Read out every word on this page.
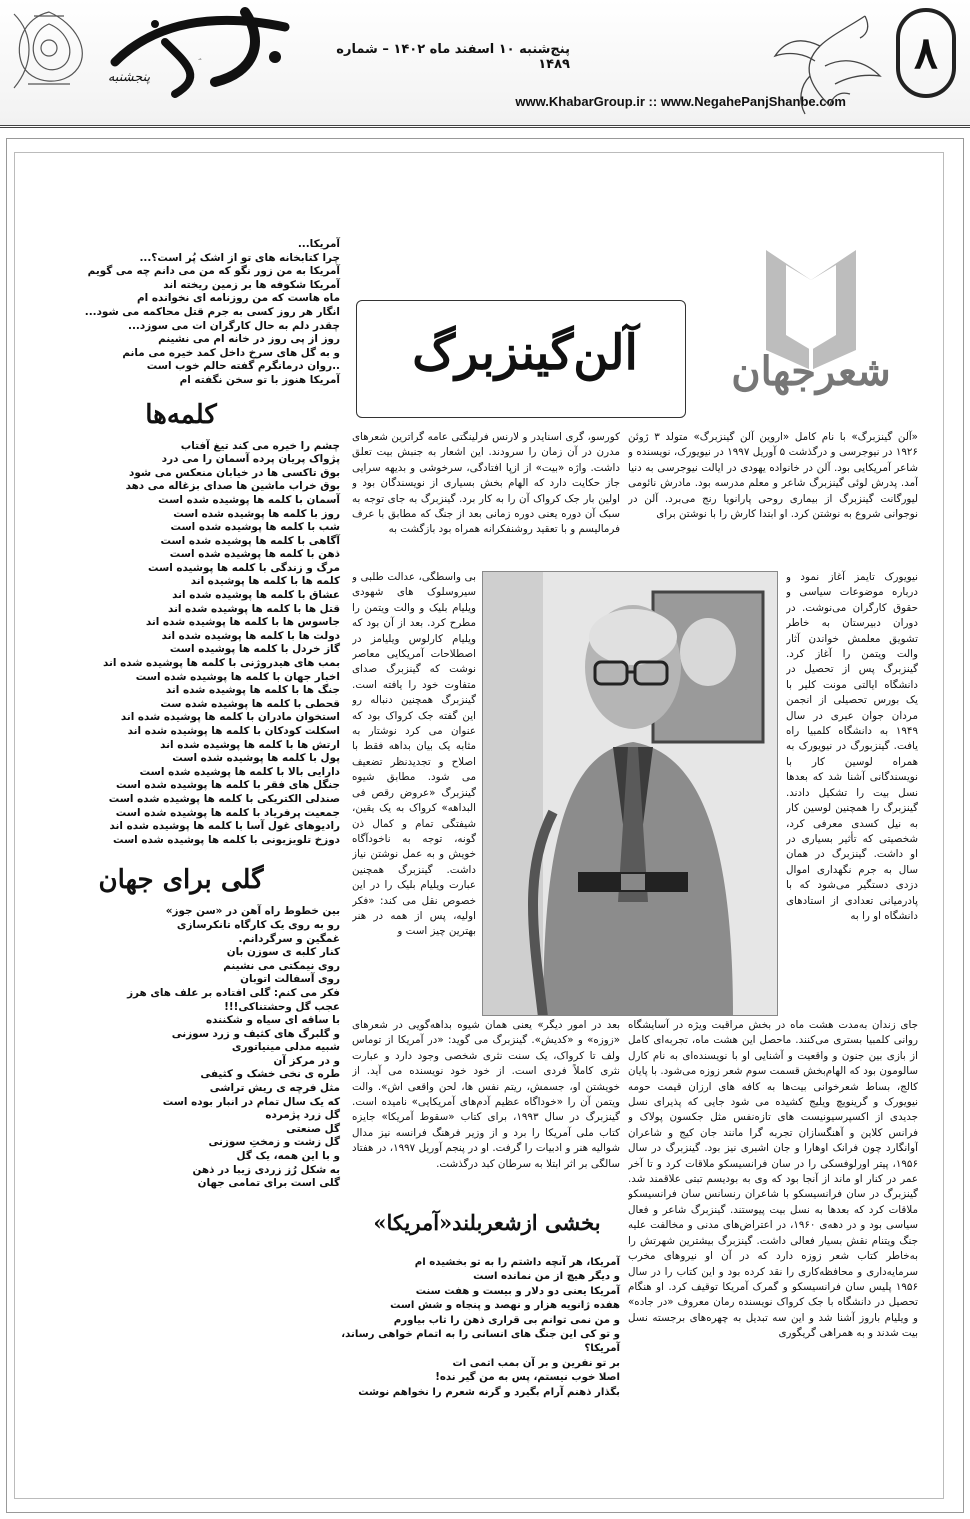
نگاه
پنجشنبه
پنج‌شنبه ۱۰ اسفند ماه ۱۴۰۲ – شماره ۱۴۸۹
www.KhabarGroup.ir :: www.NegahePanjShanbe.com
۸
آمریکا...
چرا کتابخانه های تو از اشک پُر است؟...
آمریکا به من زور نگو که من می دانم چه می گویم
آمریکا شکوفه ها بر زمین ریخته اند
ماه هاست که من روزنامه ای نخوانده ام
انگار هر روز کسی به جرم قتل محاکمه می شود...
چقدر دلم به حال کارگران ات می سوزد...
روز از پی روز در خانه ام می نشینم
و به گل های سرخ داخل کمد خیره می مانم
..روان درمانگرم گفته حالم خوب است
آمریکا هنوز با تو سخن نگفته ام
کلمه‌ها
چشم را خیره می کند تیغ آفتاب
پژواک پریان پرده آسمان را می درد
بوق تاکسی ها در خیابان منعکس می شود
بوق خراب ماشین ها صدای بزغاله می دهد
آسمان با کلمه ها پوشیده شده است
روز با کلمه ها پوشیده شده است
شب با کلمه ها پوشیده شده است
آگاهی با کلمه ها پوشیده شده است
ذهن با کلمه ها پوشیده شده است
مرگ و زندگی با کلمه ها پوشیده است
کلمه ها با کلمه ها پوشیده اند
عشاق با کلمه ها پوشیده شده اند
قتل ها با کلمه ها پوشیده شده اند
جاسوس ها با کلمه ها پوشیده شده اند
دولت ها با کلمه ها پوشیده شده اند
گاز خردل با کلمه ها پوشیده است
بمب های هیدروژنی با کلمه ها پوشیده شده اند
اخبار جهان با کلمه ها پوشیده شده است
جنگ ها با کلمه ها پوشیده شده اند
قحطی با کلمه ها پوشیده شده ست
استخوان مادران با کلمه ها پوشیده شده اند
اسکلت کودکان با کلمه ها پوشیده شده اند
ارتش ها با کلمه ها پوشیده شده اند
پول با کلمه ها پوشیده شده است
دارایی بالا با کلمه ها پوشیده شده است
جنگل های فقر با کلمه ها پوشیده شده است
صندلی الکتریکی با کلمه ها پوشیده شده است
جمعیت پرفریاد با کلمه ها پوشیده شده است
رادیوهای غول آسا با کلمه ها پوشیده شده اند
دوزخ تلویزیونی با کلمه ها پوشیده شده است
گلی برای جهان
بین خطوط راه آهن در «سن جوز»
رو به روی یک کارگاه تانکرسازی
غمگین و سرگردانم.
کنار کلبه ی سوزن بان
روی نیمکتی می نشینم
روی آسفالت اتوبان
فکر می کنم: گلی افتاده بر علف های هرز
عجب گل وحشتناکی!!!
با ساقه ای سیاه و شکننده
و گلبرگ های کثیف و زرد سوزنی
شبیه مدلی مینیاتوری
و در مرکز آن
طره ی نخی خشک و کثیفی
مثل فرچه ی ریش تراشی
که یک سال تمام در انبار بوده است
گل زرد پژمرده
گل صنعتی
گل زشت و زمختِ سوزنی
و با این همه، یک گل
به شکل رُز زردی زیبا در ذهن
گلی است برای تمامی جهان
شعرجهان
آلن‌گینزبرگ
«آلن گینزبرگ» با نام کامل «اروین آلن گینزبرگ» متولد ۳ ژوئن ۱۹۲۶ در نیوجرسی و درگذشت ۵ آوریل ۱۹۹۷ در نیویورک، نویسنده و شاعر آمریکایی بود. آلن در خانواده یهودی در ایالت نیوجرسی به دنیا آمد. پدرش لوئی گینزبرگ شاعر و معلم مدرسه بود. مادرش نائومی لیورگانت گینزبرگ از بیماری روحی پارانویا رنج می‌برد. آلن در نوجوانی شروع به نوشتن کرد. او ابتدا کارش را با نوشتن برای
نیویورک تایمز آغاز نمود و درباره موضوعات سیاسی و حقوق کارگران می‌نوشت. در دوران دبیرستان به خاطر تشویق معلمش خواندن آثار والت ویتمن را آغاز کرد. گینزبرگ پس از تحصیل در دانشگاه ایالتی مونت کلیر با یک بورس تحصیلی از انجمن مردان جوان عبری در سال ۱۹۴۹ به دانشگاه کلمبیا راه یافت. گینزبورگ در نیویورک به همراه لوسین کار با نویسندگانی آشنا شد که بعدها نسل بیت را تشکیل دادند. گینزبرگ را همچنین لوسین کار به نیل کسدی معرفی کرد، شخصیتی که تأثیر بسیاری در او داشت. گینزبرگ در همان سال به جرم نگهداری اموال دزدی دستگیر می‌شود که با پادرمیانی تعدادی از استادهای دانشگاه او را به
جای زندان به‌مدت هشت ماه در بخش مراقبت ویژه در آسایشگاه روانی کلمبیا بستری می‌کنند. ماحصل این هشت ماه، تجربه‌ای کامل از بازی بین جنون و واقعیت و آشنایی او با نویسنده‌ای به نام کارل سالومون بود که الهام‌بخش قسمت سوم شعر زوزه می‌شود. با پایان کالج، بساط شعرخوانی بیت‌ها به کافه های ارزان قیمت حومه نیویورک و گرینویچ ویلیج کشیده می شود جایی که پذیرای نسل جدیدی از اکسپرسیونیست های تازه‌نفس مثل جکسون پولاک و فرانس کلاین و آهنگسازان تجربه گرا مانند جان کیج و شاعران آوانگارد چون فرانک اوهارا و جان اشبری نیز بود. گینزبرگ در سال ۱۹۵۶، پیتر اورلوفسکی را در سان فرانسیسکو ملاقات کرد و تا آخر عمر در کنار او ماند از آنجا بود که وی به بودیسم تبتی علاقمند شد. گینزبرگ در سان فرانسیسکو با شاعران رنسانس سان فرانسیسکو ملاقات کرد که بعدها به نسل بیت پیوستند. گینزبرگ شاعر و فعال سیاسی بود و در دهه‌ی ۱۹۶۰، در اعتراض‌های مدنی و مخالفت علیه جنگ ویتنام نقش بسیار فعالی داشت. گینزبرگ بیشترین شهرتش را به‌خاطر کتاب شعر زوزه دارد که در آن او نیروهای مخرب سرمایه‌داری و محافظه‌کاری را نقد کرده بود و این کتاب را در سال ۱۹۵۶ پلیس سان فرانسیسکو و گمرک آمریکا توقیف کرد. او هنگام تحصیل در دانشگاه با جک کرواک نویسنده رمان معروف «در جاده» و ویلیام باروز آشنا شد و این سه تبدیل به چهره‌های برجسته نسل بیت شدند و به همراهی گریگوری
کورسو، گری اسنایدر و لارنس فرلینگتی عامه گراترین شعرهای مدرن در آن زمان را سرودند. این اشعار به جنبش بیت تعلق داشت. واژه «بیت» از ازپا افتادگی، سرخوشی و بدیهه سرایی جاز حکایت دارد که الهام بخش بسیاری از نویسندگان بود و اولین بار جک کرواک آن را به کار برد. گینزبرگ به جای توجه به سبک آن دوره یعنی دوره زمانی بعد از جنگ که مطابق با عرف فرمالیسم و با تعقید روشنفکرانه همراه بود بازگشت به
بی واسطگی، عدالت طلبی و سیروسلوک های شهودی ویلیام بلیک و والت ویتمن را مطرح کرد. بعد از آن بود که ویلیام کارلوس ویلیامز در اصطلاحات آمریکایی معاصر نوشت که گینزبرگ صدای متفاوت خود را یافته است. گینزبرگ همچنین دنباله رو این گفته جک کرواک بود که عنوان می کرد نوشتار به مثابه یک بیان بداهه فقط با اصلاح و تجدیدنظر تضعیف می شود. مطابق شیوه گینزبرگ «عروض رقص فی البداهه» کرواک به یک یقین، شیفتگی تمام و کمال ذن گونه، توجه به ناخودآگاه خویش و به عمل نوشتن نیاز داشت. گینزبرگ همچنین عبارت ویلیام بلیک را در این خصوص نقل می کند: «فکر اولیه، پس از همه در هنر بهترین چیز است و
بعد در امور دیگر» یعنی همان شیوه بداهه‌گویی در شعرهای «زوزه» و «کدیش». گینزبرگ می گوید: «در آمریکا از توماس ولف تا کرواک، یک سنت نثری شخصی وجود دارد و عبارت نثری کاملاً فردی است. از خود خود نویسنده می آید. از خویشتن او، جسمش، ریتم نفس ها، لحن واقعی اش». والت ویتمن آن را «خوداگاه عظیم آدم‌های آمریکایی» نامیده است. گینزبرگ در سال ۱۹۹۳، برای کتاب «سقوط آمریکا» جایزه کتاب ملی آمریکا را برد و از وزیر فرهنگ فرانسه نیز مدال شوالیه هنر و ادبیات را گرفت. او در پنجم آوریل ۱۹۹۷، در هفتاد سالگی بر اثر ابتلا به سرطان کبد درگذشت.
بخشی ازشعربلند«آمریکا»
آمریکا، هر آنچه داشتم را به تو بخشیده ام
و دیگر هیچ از من نمانده است
آمریکا یعنی دو دلار و بیست و هفت سنت
هفده ژانویه هزار و نهصد و پنجاه و شش است
و من نمی توانم بی قراری ذهن را تاب بیاورم
و تو کی این جنگ های انسانی را به اتمام خواهی رساند،
آمریکا؟
بر تو نفرین و بر آن بمب اتمی ات
اصلا خوب نیستم، پس به من گیر نده!
بگذار ذهنم آرام بگیرد و گرنه شعرم را نخواهم نوشت
